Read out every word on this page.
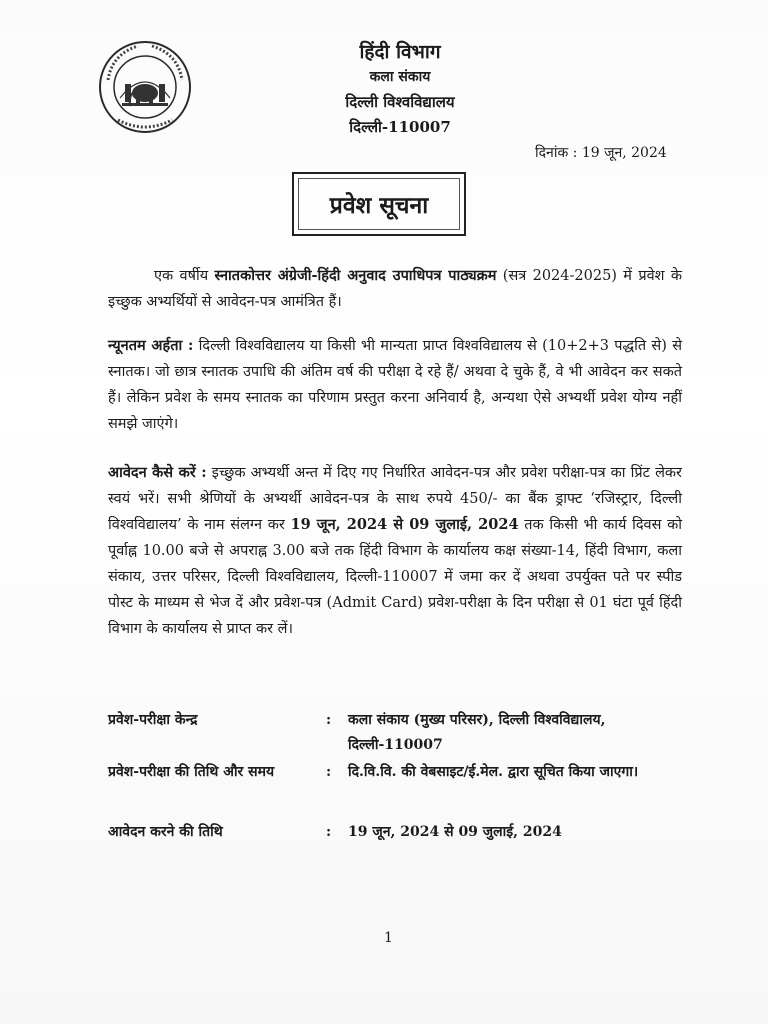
हिंदी विभाग
कला संकाय
दिल्ली विश्वविद्यालय
दिल्ली-110007
दिनांक : 19 जून, 2024
प्रवेश सूचना
एक वर्षीय स्नातकोत्तर अंग्रेजी-हिंदी अनुवाद उपाधिपत्र पाठ्यक्रम (सत्र 2024-2025) में प्रवेश के इच्छुक अभ्यर्थियों से आवेदन-पत्र आमंत्रित हैं।
न्यूनतम अर्हता : दिल्ली विश्वविद्यालय या किसी भी मान्यता प्राप्त विश्वविद्यालय से (10+2+3 पद्धति से) से स्नातक। जो छात्र स्नातक उपाधि की अंतिम वर्ष की परीक्षा दे रहे हैं/ अथवा दे चुके हैं, वे भी आवेदन कर सकते हैं। लेकिन प्रवेश के समय स्नातक का परिणाम प्रस्तुत करना अनिवार्य है, अन्यथा ऐसे अभ्यर्थी प्रवेश योग्य नहीं समझे जाएंगे।
आवेदन कैसे करें : इच्छुक अभ्यर्थी अन्त में दिए गए निर्धारित आवेदन-पत्र और प्रवेश परीक्षा-पत्र का प्रिंट लेकर स्वयं भरें। सभी श्रेणियों के अभ्यर्थी आवेदन-पत्र के साथ रुपये 450/- का बैंक ड्राफ्ट ‘रजिस्ट्रार, दिल्ली विश्वविद्यालय’ के नाम संलग्न कर 19 जून, 2024 से 09 जुलाई, 2024 तक किसी भी कार्य दिवस को पूर्वाह्न 10.00 बजे से अपराह्न 3.00 बजे तक हिंदी विभाग के कार्यालय कक्ष संख्या-14, हिंदी विभाग, कला संकाय, उत्तर परिसर, दिल्ली विश्वविद्यालय, दिल्ली-110007 में जमा कर दें अथवा उपर्युक्त पते पर स्पीड पोस्ट के माध्यम से भेज दें और प्रवेश-पत्र (Admit Card) प्रवेश-परीक्षा के दिन परीक्षा से 01 घंटा पूर्व हिंदी विभाग के कार्यालय से प्राप्त कर लें।
प्रवेश-परीक्षा केन्द्र	: कला संकाय (मुख्य परिसर), दिल्ली विश्वविद्यालय, दिल्ली-110007
प्रवेश-परीक्षा की तिथि और समय	: दि.वि.वि. की वेबसाइट/ई.मेल. द्वारा सूचित किया जाएगा।
आवेदन करने की तिथि	: 19 जून, 2024 से 09 जुलाई, 2024
1
